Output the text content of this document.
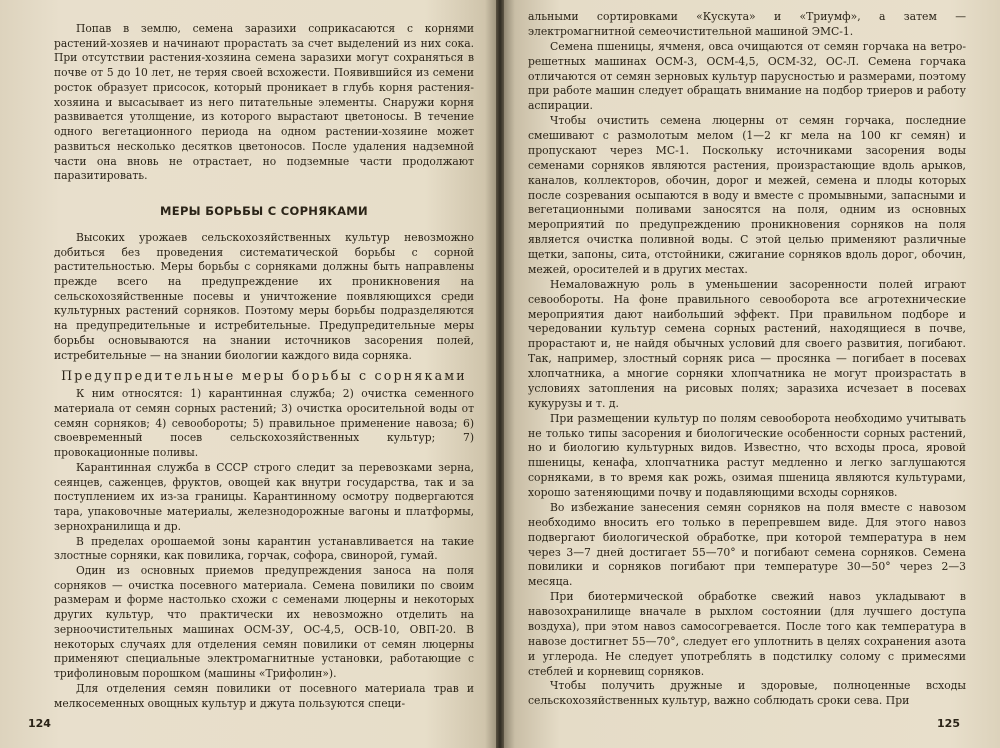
Попав в землю, семена заразихи соприкасаются с корнями растений-хозяев и начинают прорастать за счет выделений из них сока. При отсутствии растения-хозяина семена заразихи могут сохраняться в почве от 5 до 10 лет, не теряя своей всхожести. Появившийся из семени росток образует присосок, который проникает в глубь корня растения-хозяина и высасывает из него питательные элементы. Снаружи корня развивается утолщение, из которого вырастают цветоносы. В течение одного вегетационного периода на одном растении-хозяине может развиться несколько десятков цветоносов. После удаления надземной части она вновь не отрастает, но подземные части продолжают паразитировать.

МЕРЫ БОРЬБЫ С СОРНЯКАМИ

Высоких урожаев сельскохозяйственных культур невозможно добиться без проведения систематической борьбы с сорной растительностью. Меры борьбы с сорняками должны быть направлены прежде всего на предупреждение их проникновения на сельскохозяйственные посевы и уничтожение появляющихся среди культурных растений сорняков. Поэтому меры борьбы подразделяются на предупредительные и истребительные. Предупредительные меры борьбы основываются на знании источников засорения полей, истребительные — на знании биологии каждого вида сорняка.

Предупредительные меры борьбы с сорняками

К ним относятся: 1) карантинная служба; 2) очистка семенного материала от семян сорных растений; 3) очистка оросительной воды от семян сорняков; 4) севообороты; 5) правильное применение навоза; 6) своевременный посев сельскохозяйственных культур; 7) провокационные поливы.

Карантинная служба в СССР строго следит за перевозками зерна, сеянцев, саженцев, фруктов, овощей как внутри государства, так и за поступлением их из-за границы. Карантинному осмотру подвергаются тара, упаковочные материалы, железнодорожные вагоны и платформы, зернохранилища и др.

В пределах орошаемой зоны карантин устанавливается на такие злостные сорняки, как повилика, горчак, софора, свинорой, гумай.

Один из основных приемов предупреждения заноса на поля сорняков — очистка посевного материала. Семена повилики по своим размерам и форме настолько схожи с семенами люцерны и некоторых других культур, что практически их невозможно отделить на зерноочистительных машинах ОСМ-3У, ОС-4,5, ОСВ-10, ОВП-20. В некоторых случаях для отделения семян повилики от семян люцерны применяют специальные электромагнитные установки, работающие с трифолиновым порошком (машины «Трифолин»).

Для отделения семян повилики от посевного материала трав и мелкосеменных овощных культур и джута пользуются специ-

124

альными сортировками «Кускута» и «Триумф», а затем — электромагнитной семеочистительной машиной ЭМС-1.

Семена пшеницы, ячменя, овса очищаются от семян горчака на ветро-решетных машинах ОСМ-3, ОСМ-4,5, ОСМ-32, ОС-Л. Семена горчака отличаются от семян зерновых культур парусностью и размерами, поэтому при работе машин следует обращать внимание на подбор триеров и работу аспирации.

Чтобы очистить семена люцерны от семян горчака, последние смешивают с размолотым мелом (1—2 кг мела на 100 кг семян) и пропускают через МС-1. Поскольку источниками засорения воды семенами сорняков являются растения, произрастающие вдоль арыков, каналов, коллекторов, обочин, дорог и межей, семена и плоды которых после созревания осыпаются в воду и вместе с промывными, запасными и вегетационными поливами заносятся на поля, одним из основных мероприятий по предупреждению проникновения сорняков на поля является очистка поливной воды. С этой целью применяют различные щетки, запоны, сита, отстойники, сжигание сорняков вдоль дорог, обочин, межей, оросителей и в других местах.

Немаловажную роль в уменьшении засоренности полей играют севообороты. На фоне правильного севооборота все агротехнические мероприятия дают наибольший эффект. При правильном подборе и чередовании культур семена сорных растений, находящиеся в почве, прорастают и, не найдя обычных условий для своего развития, погибают. Так, например, злостный сорняк риса — просянка — погибает в посевах хлопчатника, а многие сорняки хлопчатника не могут произрастать в условиях затопления на рисовых полях; заразиха исчезает в посевах кукурузы и т. д.

При размещении культур по полям севооборота необходимо учитывать не только типы засорения и биологические особенности сорных растений, но и биологию культурных видов. Известно, что всходы проса, яровой пшеницы, кенафа, хлопчатника растут медленно и легко заглушаются сорняками, в то время как рожь, озимая пшеница являются культурами, хорошо затеняющими почву и подавляющими всходы сорняков.

Во избежание занесения семян сорняков на поля вместе с навозом необходимо вносить его только в перепревшем виде. Для этого навоз подвергают биологической обработке, при которой температура в нем через 3—7 дней достигает 55—70° и погибают семена сорняков. Семена повилики и сорняков погибают при температуре 30—50° через 2—3 месяца.

При биотермической обработке свежий навоз укладывают в навозохранилище вначале в рыхлом состоянии (для лучшего доступа воздуха), при этом навоз самосогревается. После того как температура в навозе достигнет 55—70°, следует его уплотнить в целях сохранения азота и углерода. Не следует употреблять в подстилку солому с примесями стеблей и корневищ сорняков.

Чтобы получить дружные и здоровые, полноценные всходы сельскохозяйственных культур, важно соблюдать сроки сева. При

125
